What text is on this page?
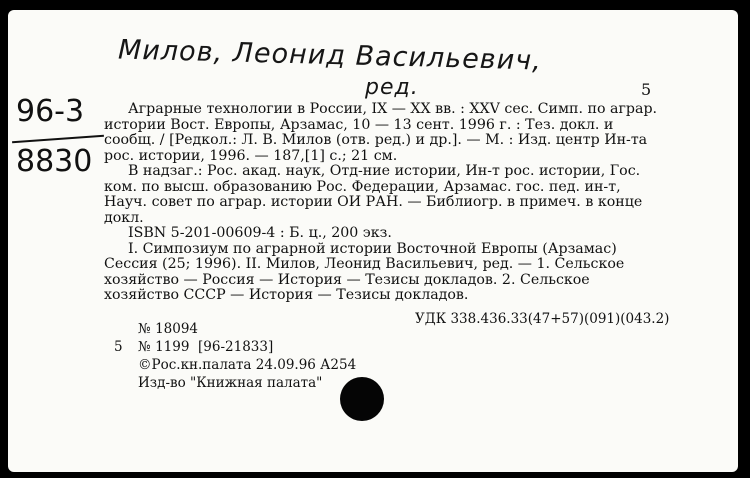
Милов, Леонид Васильевич,
ред.
96-3
8830
5

Аграрные технологии в России, IX — XX вв. : XXV сес. Симп. по аграр. истории Вост. Европы, Арзамас, 10 — 13 сент. 1996 г. : Тез. докл. и сообщ. / [Редкол.: Л. В. Милов (отв. ред.) и др.]. — М. : Изд. центр Ин-та рос. истории, 1996. — 187,[1] с.; 21 см.

В надзаг.: Рос. акад. наук, Отд-ние истории, Ин-т рос. истории, Гос. ком. по высш. образованию Рос. Федерации, Арзамас. гос. пед. ин-т, Науч. совет по аграр. истории ОИ РАН. — Библиогр. в примеч. в конце докл.

ISBN 5-201-00609-4 : Б. ц., 200 экз.

I. Симпозиум по аграрной истории Восточной Европы (Арзамас) Сессия (25; 1996). II. Милов, Леонид Васильевич, ред. — 1. Сельское хозяйство — Россия — История — Тезисы докладов. 2. Сельское хозяйство СССР — История — Тезисы докладов.

УДК 338.436.33(47+57)(091)(043.2)
№ 18094
5 № 1199 [96-21833]
©Рос.кн.палата 24.09.96 А254
Изд-во "Книжная палата"
